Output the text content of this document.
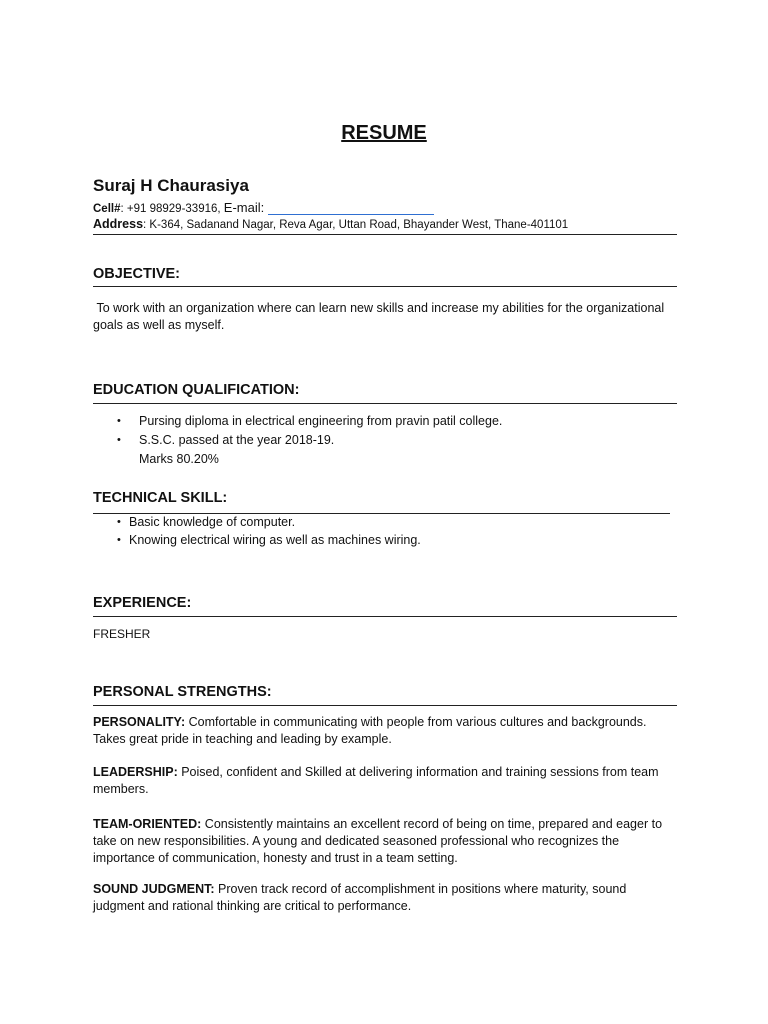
RESUME
Suraj H Chaurasiya
Cell#: +91 98929-33916, E-mail:
Address: K-364, Sadanand Nagar, Reva Agar, Uttan Road, Bhayander West, Thane-401101
OBJECTIVE:
To work with an organization where can learn new skills and increase my abilities for the organizational goals as well as myself.
EDUCATION QUALIFICATION:
• Pursing diploma in electrical engineering from pravin patil college.
• S.S.C. passed at the year 2018-19.
Marks 80.20%
TECHNICAL SKILL:
• Basic knowledge of computer.
• Knowing electrical wiring as well as machines wiring.
EXPERIENCE:
FRESHER
PERSONAL STRENGTHS:
PERSONALITY: Comfortable in communicating with people from various cultures and backgrounds. Takes great pride in teaching and leading by example.
LEADERSHIP: Poised, confident and Skilled at delivering information and training sessions from team members.
TEAM-ORIENTED: Consistently maintains an excellent record of being on time, prepared and eager to take on new responsibilities. A young and dedicated seasoned professional who recognizes the importance of communication, honesty and trust in a team setting.
SOUND JUDGMENT: Proven track record of accomplishment in positions where maturity, sound judgment and rational thinking are critical to performance.
